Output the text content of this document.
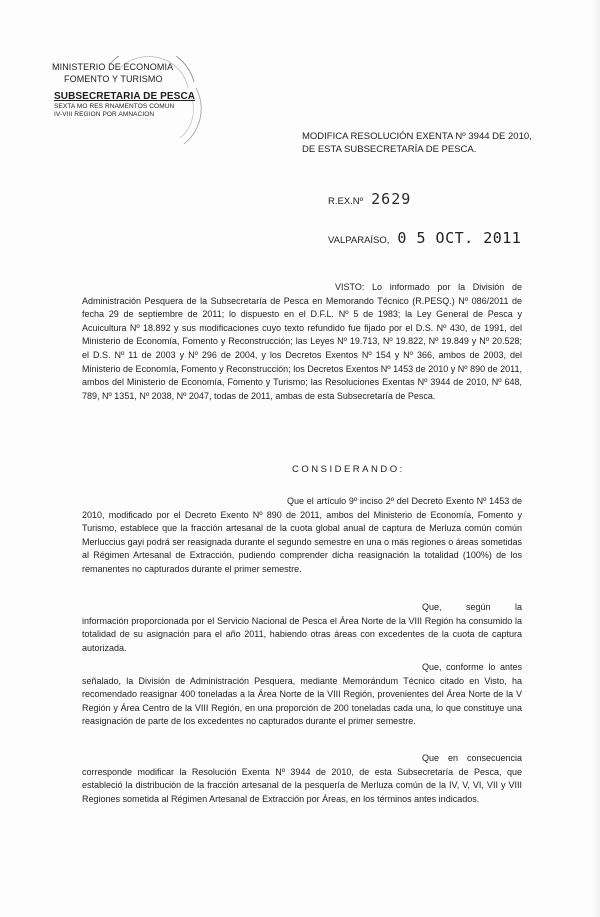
MINISTERIO DE ECONOMIA
FOMENTO Y TURISMO
SUBSECRETARIA DE PESCA
SEXTA MO RES RNAMENTOS COMUN
IV-VIII REGION POR AMNACION
MODIFICA RESOLUCIÓN EXENTA Nº 3944 DE 2010,
DE ESTA SUBSECRETARÍA DE PESCA.
R.EX.Nº 2629
VALPARAÍSO, 0 5 OCT. 2011
VISTO: Lo informado por la División de Administración Pesquera de la Subsecretaría de Pesca en Memorando Técnico (R.PESQ.) Nº 086/2011 de fecha 29 de septiembre de 2011; lo dispuesto en el D.F.L. Nº 5 de 1983; la Ley General de Pesca y Acuicultura Nº 18.892 y sus modificaciones cuyo texto refundido fue fijado por el D.S. Nº 430, de 1991, del Ministerio de Economía, Fomento y Reconstrucción; las Leyes Nº 19.713, Nº 19.822, Nº 19.849 y Nº 20.528; el D.S. Nº 11 de 2003 y Nº 296 de 2004, y los Decretos Exentos Nº 154 y Nº 366, ambos de 2003, del Ministerio de Economía, Fomento y Reconstrucción; los Decretos Exentos Nº 1453 de 2010 y Nº 890 de 2011, ambos del Ministerio de Economía, Fomento y Turismo; las Resoluciones Exentas Nº 3944 de 2010, Nº 648, 789, Nº 1351, Nº 2038, Nº 2047, todas de 2011, ambas de esta Subsecretaría de Pesca.
CONSIDERANDO:
Que el artículo 9º inciso 2º del Decreto Exento Nº 1453 de 2010, modificado por el Decreto Exento Nº 890 de 2011, ambos del Ministerio de Economía, Fomento y Turismo, establece que la fracción artesanal de la cuota global anual de captura de Merluza común común Merluccius gayi podrá ser reasignada durante el segundo semestre en una o más regiones o áreas sometidas al Régimen Artesanal de Extracción, pudiendo comprender dicha reasignación la totalidad (100%) de los remanentes no capturados durante el primer semestre.
Que, según la información proporcionada por el Servicio Nacional de Pesca el Área Norte de la VIII Región ha consumido la totalidad de su asignación para el año 2011, habiendo otras áreas con excedentes de la cuota de captura autorizada.
Que, conforme lo antes señalado, la División de Administración Pesquera, mediante Memorándum Técnico citado en Visto, ha recomendado reasignar 400 toneladas a la Área Norte de la VIII Región, provenientes del Área Norte de la V Región y Área Centro de la VIII Región, en una proporción de 200 toneladas cada una, lo que constituye una reasignación de parte de los excedentes no capturados durante el primer semestre.
Que en consecuencia corresponde modificar la Resolución Exenta Nº 3944 de 2010, de esta Subsecretaría de Pesca, que estableció la distribución de la fracción artesanal de la pesquería de Merluza común de la IV, V, VI, VII y VIII Regiones sometida al Régimen Artesanal de Extracción por Áreas, en los términos antes indicados.
